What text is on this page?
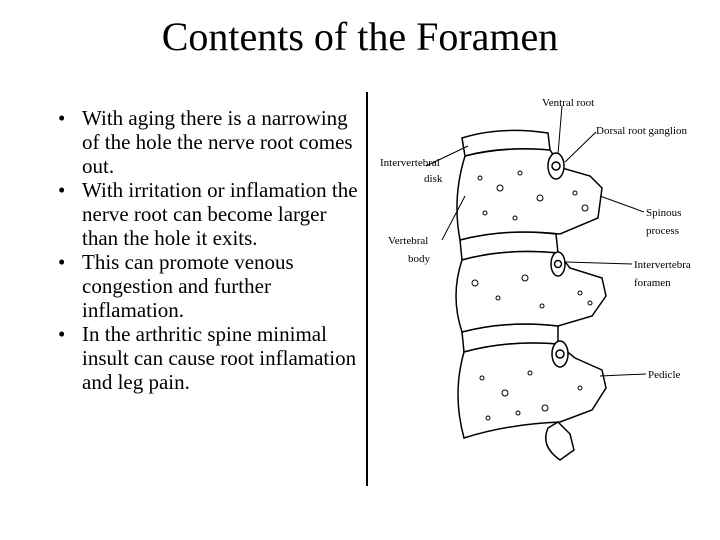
Contents of the Foramen
• With aging there is a narrowing of the hole the nerve root comes out.
• With irritation or inflamation the nerve root can become larger than the hole it exits.
• This can promote venous congestion and further inflamation.
• In the arthritic spine minimal insult can cause root inflamation and leg pain.
Ventral root
Dorsal root ganglion
Intervertebral
disk
Spinous
process
Vertebral
body	Intervertebra
foramen
Pedicle
